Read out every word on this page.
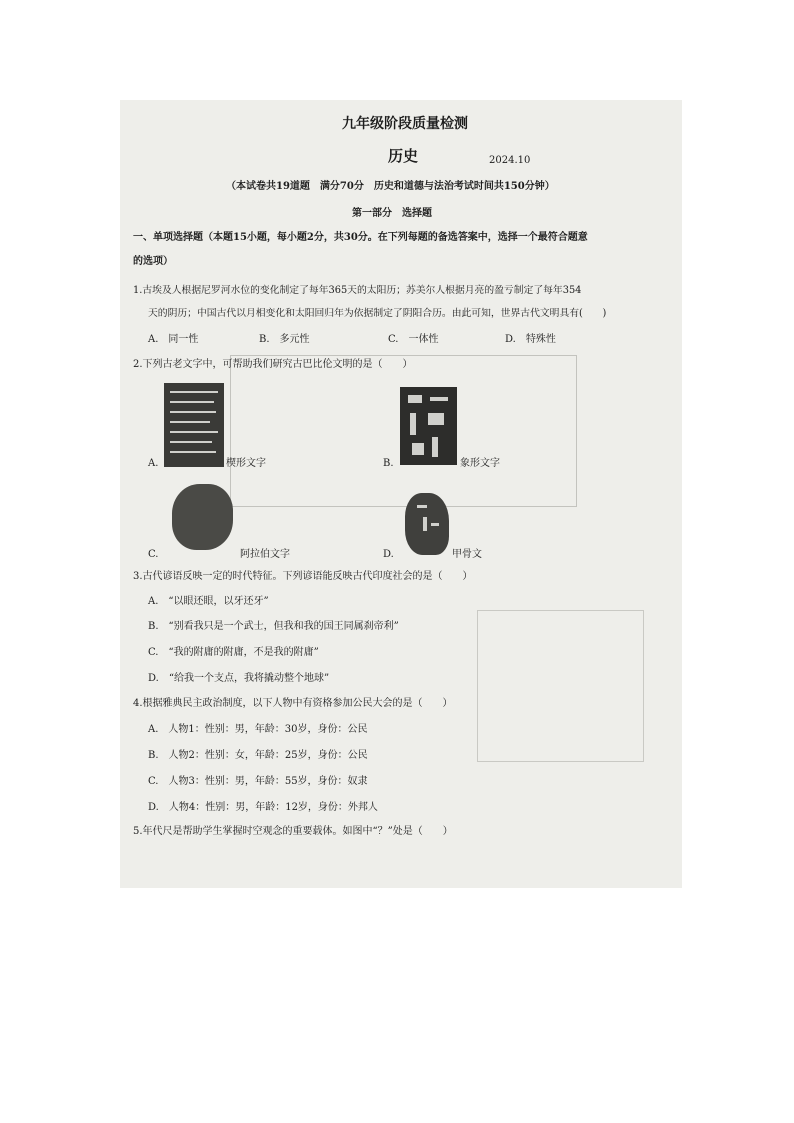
九年级阶段质量检测
历史	2024.10
（本试卷共19道题　满分70分　历史和道德与法治考试时间共150分钟）
第一部分　选择题
一、单项选择题（本题15小题，每小题2分，共30分。在下列每题的备选答案中，选择一个最符合题意
的选项）
1.古埃及人根据尼罗河水位的变化制定了每年365天的太阳历；苏美尔人根据月亮的盈亏制定了每年354
天的阴历；中国古代以月相变化和太阳回归年为依据制定了阴阳合历。由此可知，世界古代文明具有(　　)
A.　同一性	B.　多元性	C.　一体性	D.　特殊性
2.下列古老文字中，可帮助我们研究古巴比伦文明的是（　　）
A.	楔形文字	B.	象形文字
C.	阿拉伯文字	D.	甲骨文
3.古代谚语反映一定的时代特征。下列谚语能反映古代印度社会的是（　　）
A.　“以眼还眼，以牙还牙”
B.　“别看我只是一个武士，但我和我的国王同属刹帝利”
C.　“我的附庸的附庸，不是我的附庸”
D.　“给我一个支点，我将撬动整个地球”
4.根据雅典民主政治制度，以下人物中有资格参加公民大会的是（　　）
A.　人物1：性别：男，年龄：30岁，身份：公民
B.　人物2：性别：女，年龄：25岁，身份：公民
C.　人物3：性别：男，年龄：55岁，身份：奴隶
D.　人物4：性别：男，年龄：12岁，身份：外邦人
5.年代尺是帮助学生掌握时空观念的重要载体。如图中“？”处是（　　）
